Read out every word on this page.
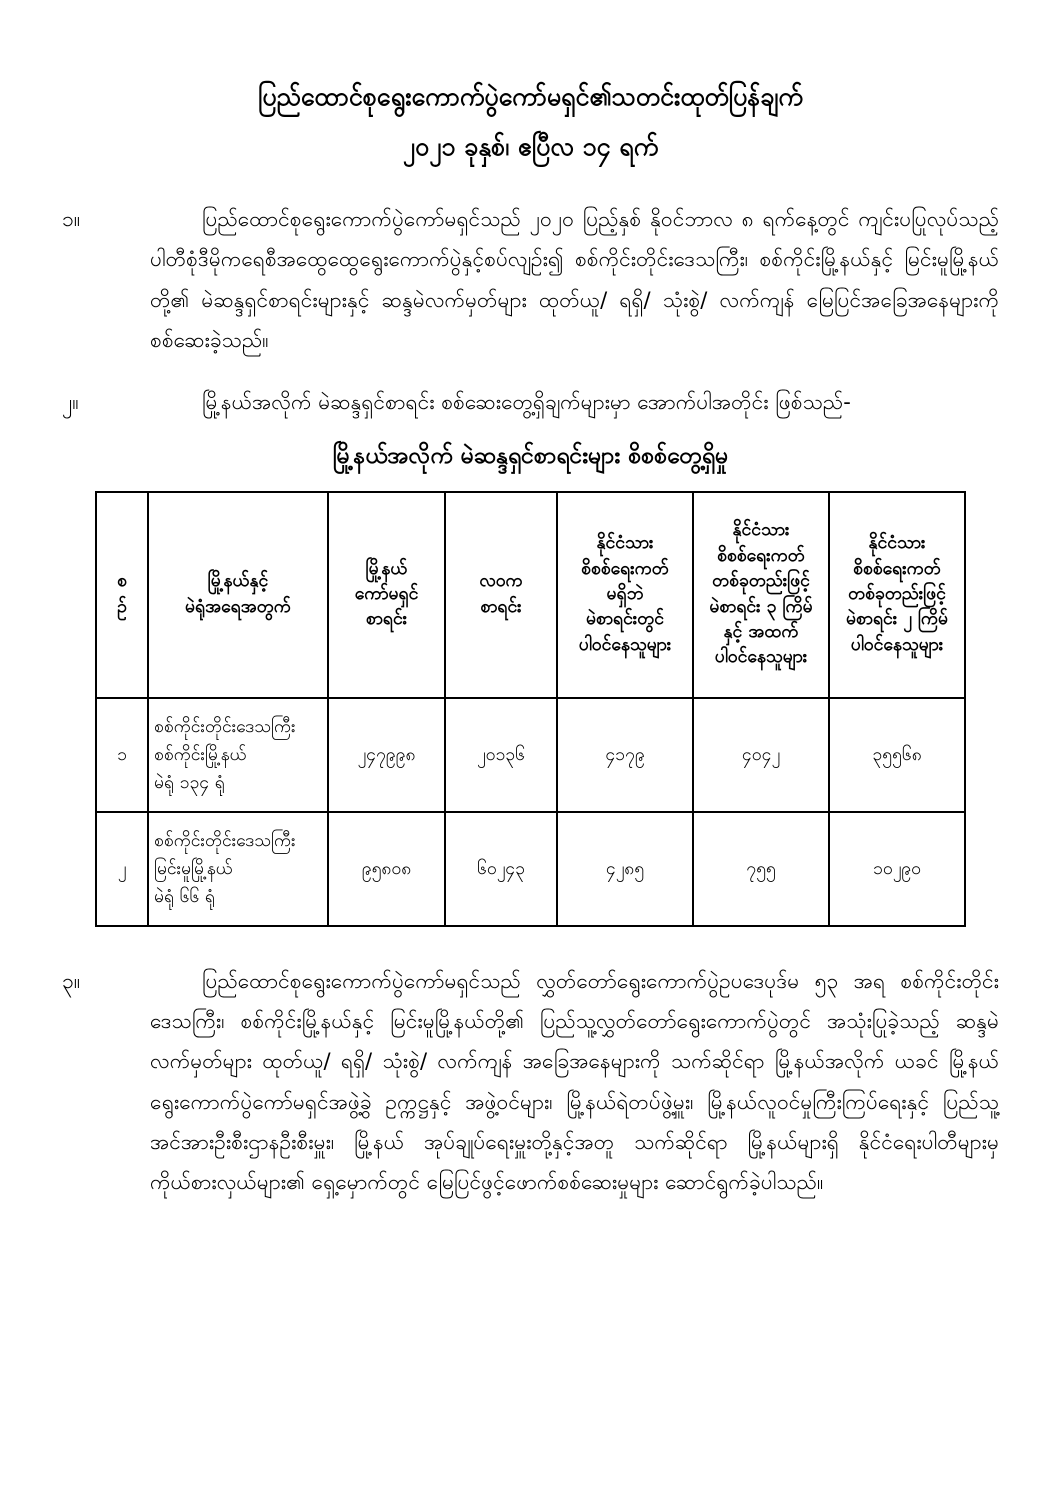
ပြည်ထောင်စုရွေးကောက်ပွဲကော်မရှင်၏သတင်းထုတ်ပြန်ချက်
၂၀၂၁ ခုနှစ်၊ ဧပြီလ ၁၄ ရက်
၁။	ပြည်ထောင်စုရွေးကောက်ပွဲကော်မရှင်သည် ၂၀၂၀ ပြည့်နှစ် နိုဝင်ဘာလ ၈ ရက်နေ့တွင် ကျင်းပပြုလုပ်သည့် ပါတီစုံဒီမိုကရေစီအထွေထွေရွေးကောက်ပွဲနှင့်စပ်လျဉ်း၍ စစ်ကိုင်းတိုင်းဒေသကြီး၊ စစ်ကိုင်းမြို့နယ်နှင့် မြင်းမူမြို့နယ်တို့၏ မဲဆန္ဒရှင်စာရင်းများနှင့် ဆန္ဒမဲလက်မှတ်များ ထုတ်ယူ/ ရရှိ/ သုံးစွဲ/ လက်ကျန် မြေပြင်အခြေအနေများကို စစ်ဆေးခဲ့သည်။
၂။	မြို့နယ်အလိုက် မဲဆန္ဒရှင်စာရင်း စစ်ဆေးတွေ့ရှိချက်များမှာ အောက်ပါအတိုင်း ဖြစ်သည်-
မြို့နယ်အလိုက် မဲဆန္ဒရှင်စာရင်းများ စိစစ်တွေ့ရှိမှု
စ
ဉ်

မြို့နယ်နှင့်
မဲရုံအရေအတွက်

မြို့နယ်
ကော်မရှင်
စာရင်း

လဝက
စာရင်း

နိုင်ငံသား
စိစစ်ရေးကတ်
မရှိဘဲ
မဲစာရင်းတွင်
ပါဝင်နေသူများ

နိုင်ငံသား
စိစစ်ရေးကတ်
တစ်ခုတည်းဖြင့်
မဲစာရင်း ၃ ကြိမ်
နှင့် အထက်
ပါဝင်နေသူများ

နိုင်ငံသား
စိစစ်ရေးကတ်
တစ်ခုတည်းဖြင့်
မဲစာရင်း ၂ ကြိမ်
ပါဝင်နေသူများ

၁	စစ်ကိုင်းတိုင်းဒေသကြီး
စစ်ကိုင်းမြို့နယ်
မဲရုံ ၁၃၄ ရုံ	၂၄၇၉၉၈	၂၀၁၃၆	၄၁၇၉	၄၀၄၂	၃၅၅၆၈
၂	စစ်ကိုင်းတိုင်းဒေသကြီး
မြင်းမူမြို့နယ်
မဲရုံ ၆၆ ရုံ	၉၅၈၀၈	၆၀၂၄၃	၄၂၈၅	၇၅၅	၁၀၂၉၀
၃။	ပြည်ထောင်စုရွေးကောက်ပွဲကော်မရှင်သည် လွှတ်တော်ရွေးကောက်ပွဲဥပဒေပုဒ်မ ၅၃ အရ စစ်ကိုင်းတိုင်းဒေသကြီး၊ စစ်ကိုင်းမြို့နယ်နှင့် မြင်းမူမြို့နယ်တို့၏ ပြည်သူ့လွှတ်တော်ရွေးကောက်ပွဲတွင် အသုံးပြုခဲ့သည့် ဆန္ဒမဲလက်မှတ်များ ထုတ်ယူ/ ရရှိ/ သုံးစွဲ/ လက်ကျန် အခြေအနေများကို သက်ဆိုင်ရာ မြို့နယ်အလိုက် ယခင် မြို့နယ်ရွေးကောက်ပွဲကော်မရှင်အဖွဲ့ခွဲ ဥက္ကဋ္ဌနှင့် အဖွဲ့ဝင်များ၊ မြို့နယ်ရဲတပ်ဖွဲ့မှူး၊ မြို့နယ်လူဝင်မှုကြီးကြပ်ရေးနှင့် ပြည်သူ့အင်အားဦးစီးဌာနဦးစီးမှူး၊ မြို့နယ် အုပ်ချုပ်ရေးမှူးတို့နှင့်အတူ သက်ဆိုင်ရာ မြို့နယ်များရှိ နိုင်ငံရေးပါတီများမှ ကိုယ်စားလှယ်များ၏ ရှေ့မှောက်တွင် မြေပြင်ဖွင့်ဖောက်စစ်ဆေးမှုများ ဆောင်ရွက်ခဲ့ပါသည်။
